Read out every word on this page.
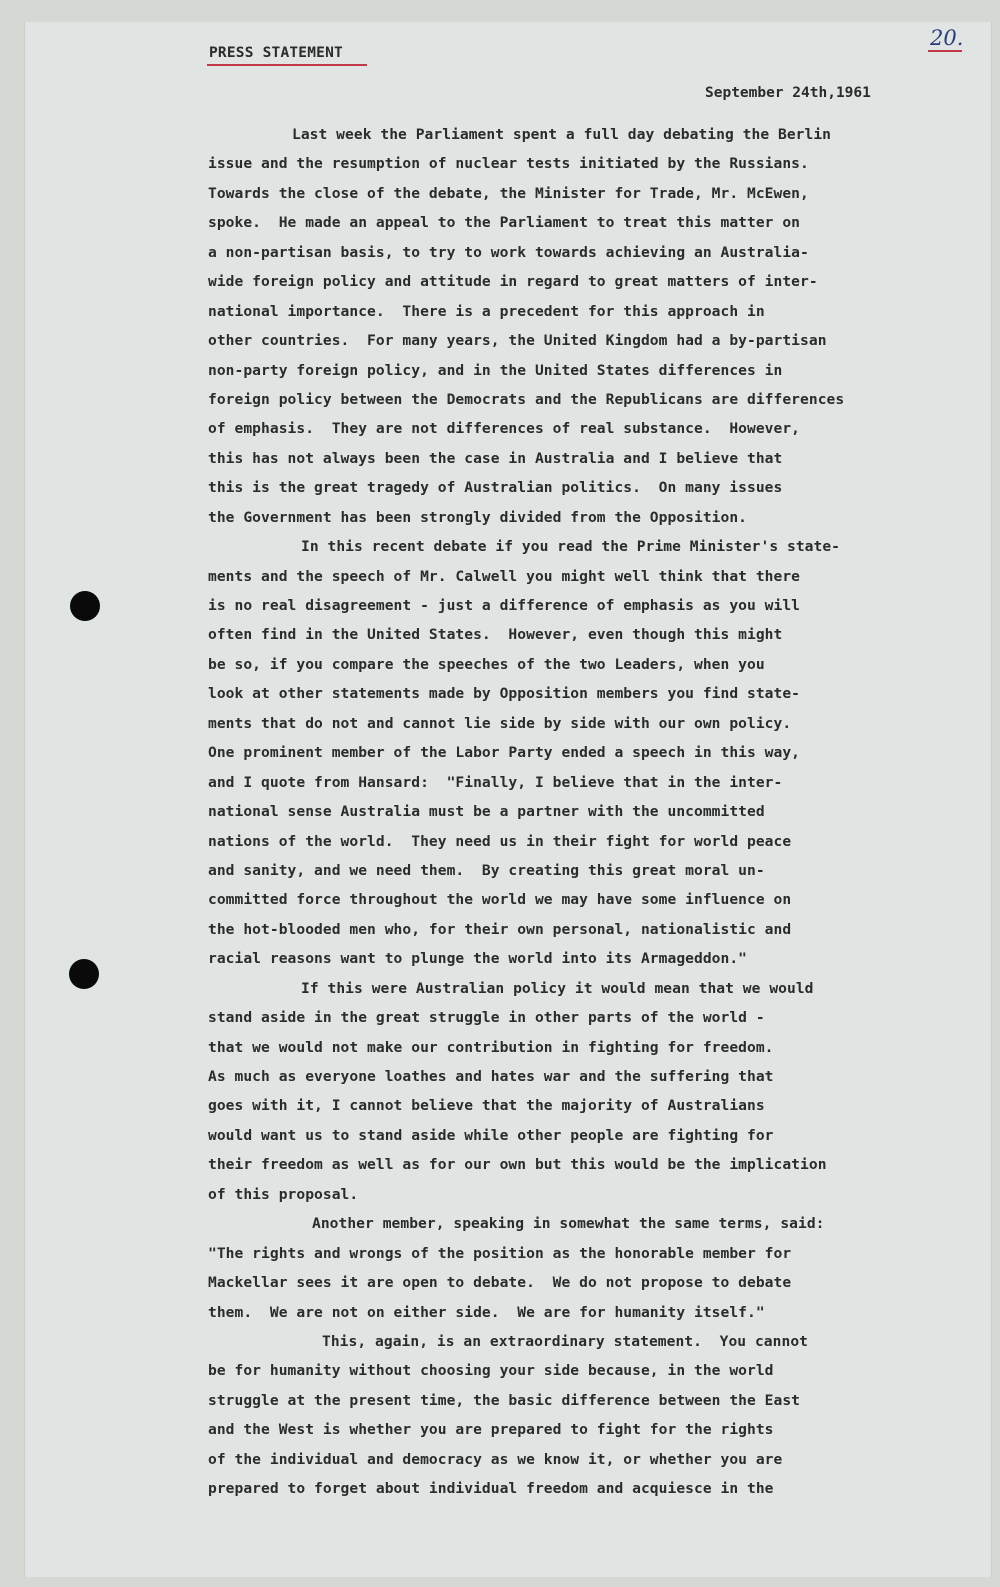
PRESS STATEMENT
20.
September 24th,1961
Last week the Parliament spent a full day debating the Berlin
issue and the resumption of nuclear tests initiated by the Russians.
Towards the close of the debate, the Minister for Trade, Mr. McEwen,
spoke.  He made an appeal to the Parliament to treat this matter on
a non-partisan basis, to try to work towards achieving an Australia-
wide foreign policy and attitude in regard to great matters of inter-
national importance.  There is a precedent for this approach in
other countries.  For many years, the United Kingdom had a by-partisan
non-party foreign policy, and in the United States differences in
foreign policy between the Democrats and the Republicans are differences
of emphasis.  They are not differences of real substance.  However,
this has not always been the case in Australia and I believe that
this is the great tragedy of Australian politics.  On many issues
the Government has been strongly divided from the Opposition.
In this recent debate if you read the Prime Minister's state-
ments and the speech of Mr. Calwell you might well think that there
is no real disagreement - just a difference of emphasis as you will
often find in the United States.  However, even though this might
be so, if you compare the speeches of the two Leaders, when you
look at other statements made by Opposition members you find state-
ments that do not and cannot lie side by side with our own policy.
One prominent member of the Labor Party ended a speech in this way,
and I quote from Hansard:  "Finally, I believe that in the inter-
national sense Australia must be a partner with the uncommitted
nations of the world.  They need us in their fight for world peace
and sanity, and we need them.  By creating this great moral un-
committed force throughout the world we may have some influence on
the hot-blooded men who, for their own personal, nationalistic and
racial reasons want to plunge the world into its Armageddon."
If this were Australian policy it would mean that we would
stand aside in the great struggle in other parts of the world -
that we would not make our contribution in fighting for freedom.
As much as everyone loathes and hates war and the suffering that
goes with it, I cannot believe that the majority of Australians
would want us to stand aside while other people are fighting for
their freedom as well as for our own but this would be the implication
of this proposal.
Another member, speaking in somewhat the same terms, said:
"The rights and wrongs of the position as the honorable member for
Mackellar sees it are open to debate.  We do not propose to debate
them.  We are not on either side.  We are for humanity itself."
This, again, is an extraordinary statement.  You cannot
be for humanity without choosing your side because, in the world
struggle at the present time, the basic difference between the East
and the West is whether you are prepared to fight for the rights
of the individual and democracy as we know it, or whether you are
prepared to forget about individual freedom and acquiesce in the
